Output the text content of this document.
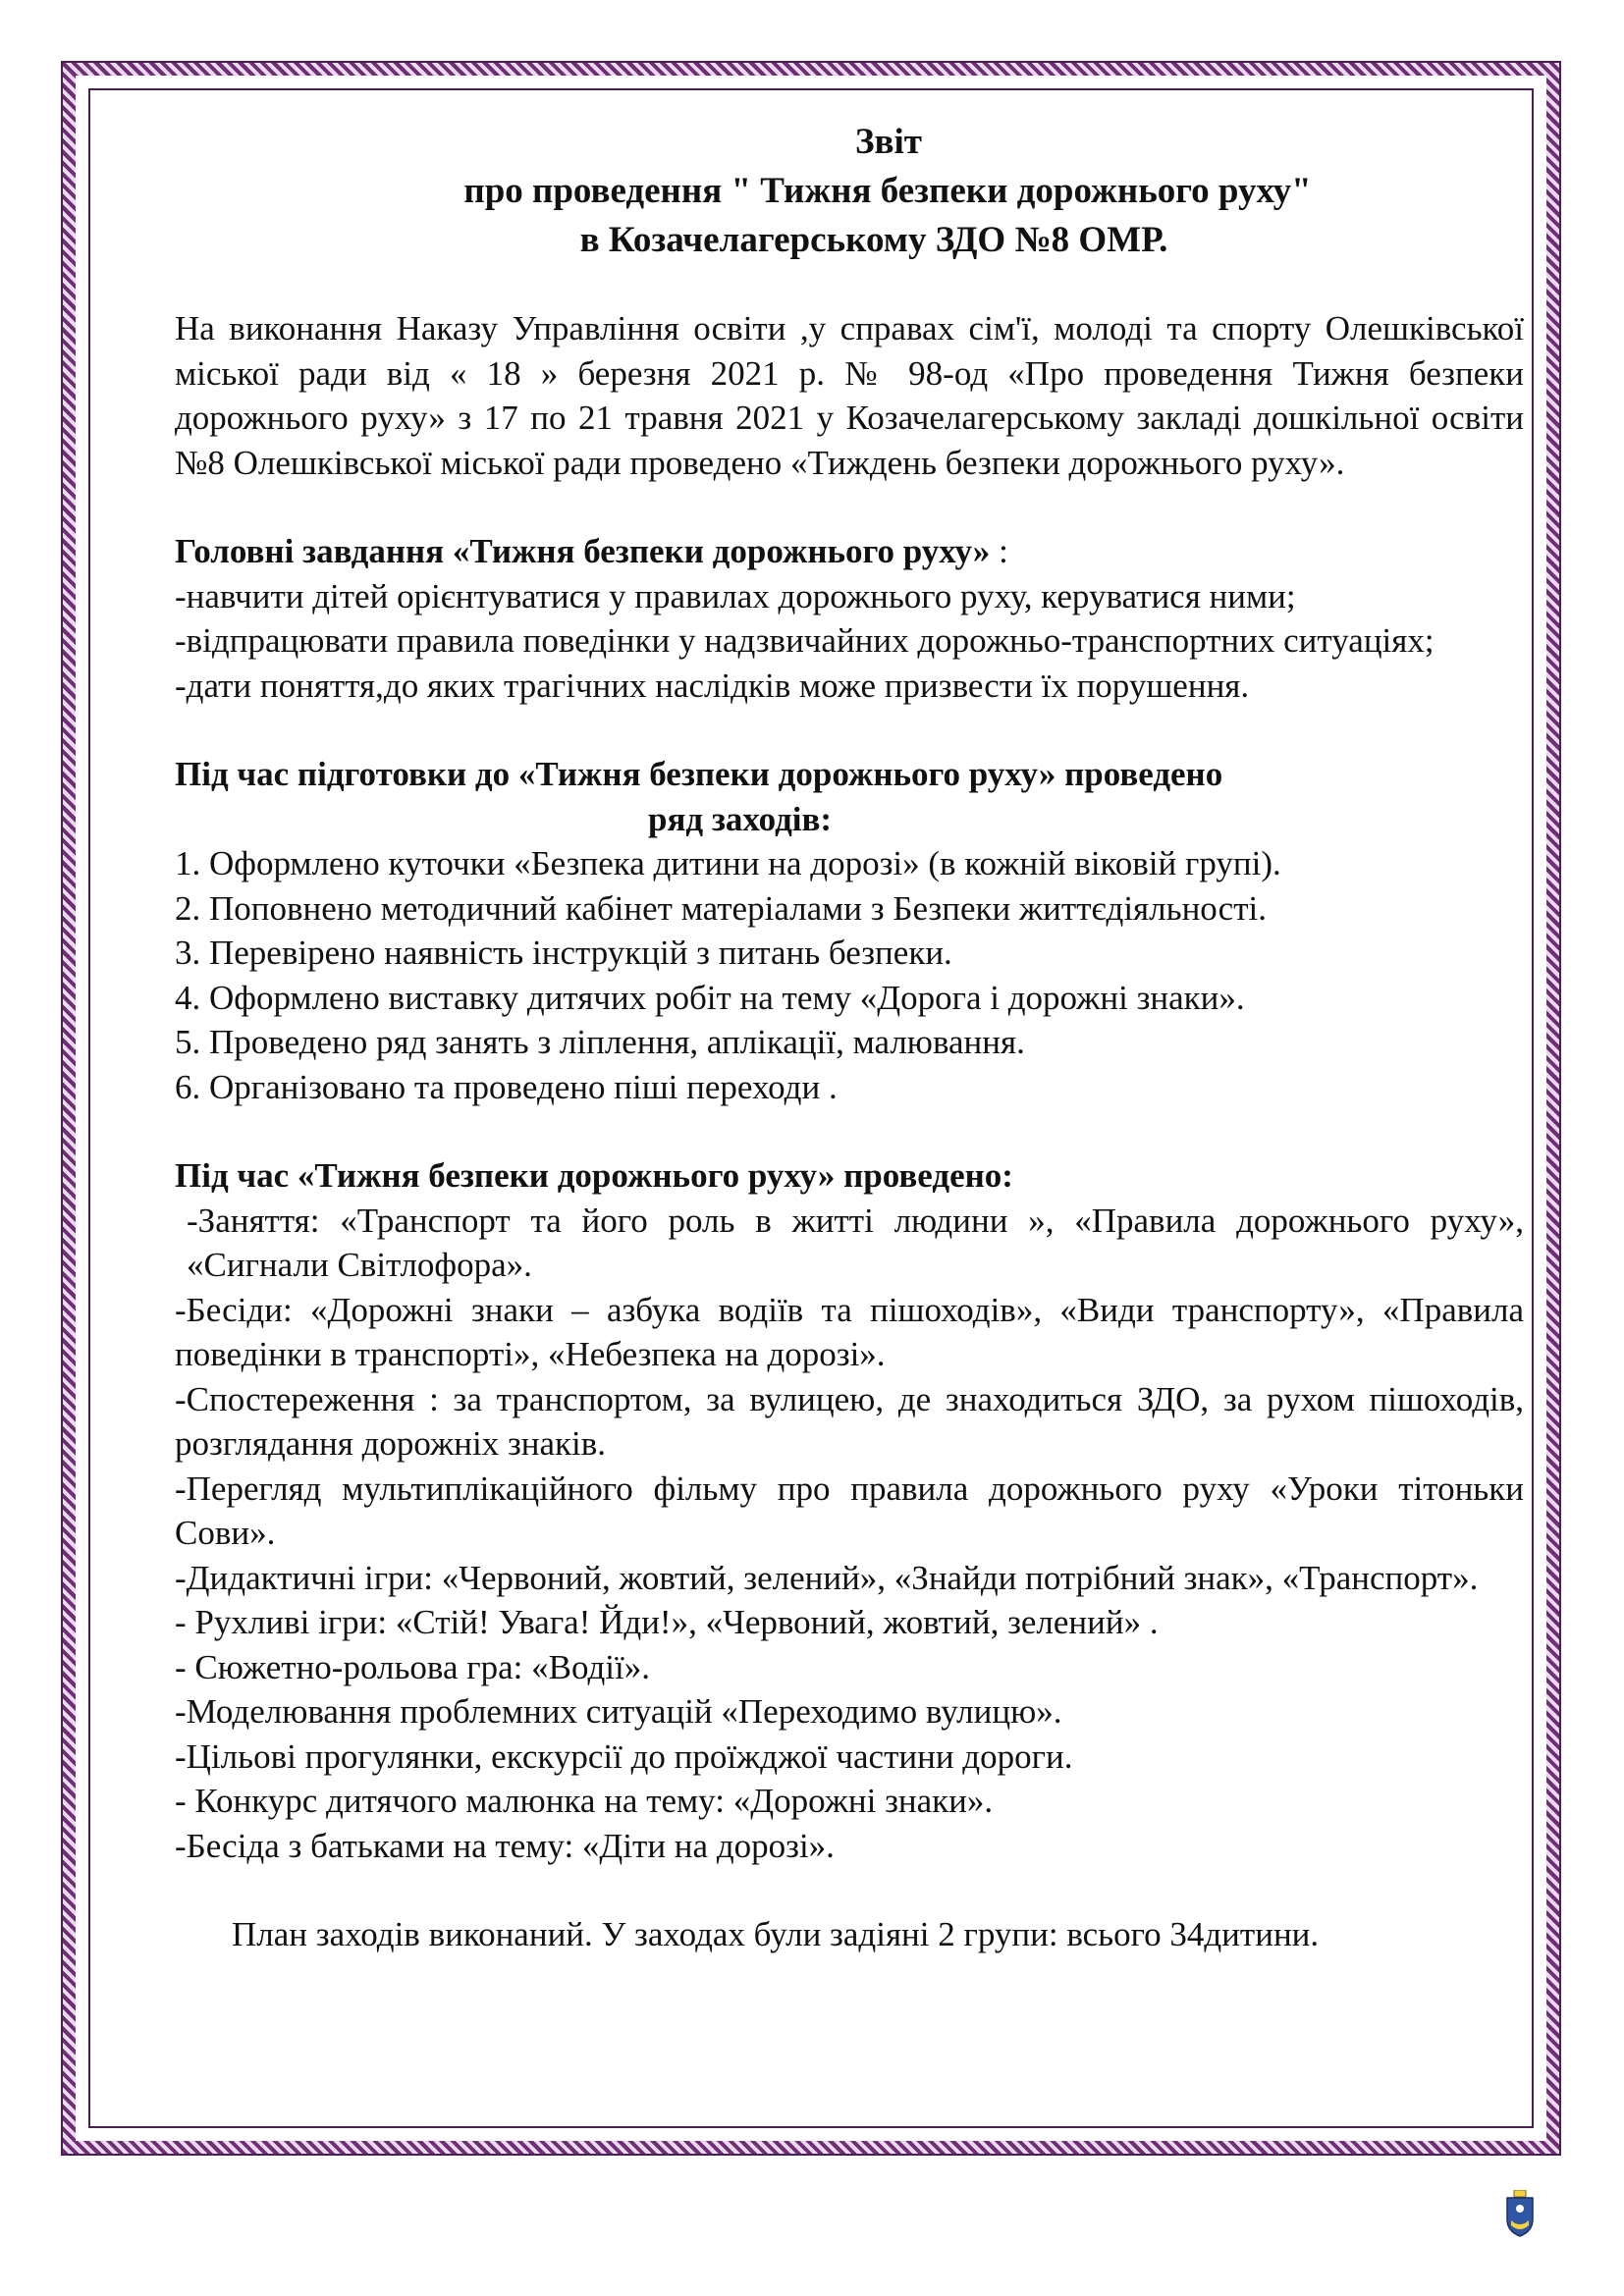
Звіт
про проведення " Тижня безпеки дорожнього руху"
в Козачелагерському ЗДО №8 ОМР.

На виконання Наказу Управління освіти ,у справах сім'ї, молоді та спорту Олешківської міської ради від « 18 » березня 2021 р. № 98-од «Про проведення Тижня безпеки дорожнього руху» з 17 по 21 травня 2021 у Козачелагерському закладі дошкільної освіти №8 Олешківської міської ради проведено «Тиждень безпеки дорожнього руху».

Головні завдання «Тижня безпеки дорожнього руху» :

-навчити дітей орієнтуватися у правилах дорожнього руху, керуватися ними;

-відпрацювати правила поведінки у надзвичайних дорожньо-транспортних ситуаціях;

-дати поняття,до яких трагічних наслідків може призвести їх порушення.

Під час підготовки до «Тижня безпеки дорожнього руху» проведено

ряд заходів:
1. Оформлено куточки «Безпека дитини на дорозі» (в кожній віковій групі).
2. Поповнено методичний кабінет матеріалами з Безпеки життєдіяльності.
3. Перевірено наявність інструкцій з питань безпеки.
4. Оформлено виставку дитячих робіт на тему «Дорога і дорожні знаки».
5. Проведено ряд занять з ліплення, аплікації, малювання.
6. Організовано та проведено піші переходи .

Під час «Тижня безпеки дорожнього руху» проведено:

-Заняття: «Транспорт та його роль в житті людини », «Правила дорожнього руху», «Сигнали Світлофора».

-Бесіди: «Дорожні знаки – азбука водіїв та пішоходів», «Види транспорту», «Правила поведінки в транспорті», «Небезпека на дорозі».

-Спостереження : за транспортом, за вулицею, де знаходиться ЗДО, за рухом пішоходів, розглядання дорожніх знаків.

-Перегляд мультиплікаційного фільму про правила дорожнього руху «Уроки тітоньки Сови».

-Дидактичні ігри: «Червоний, жовтий, зелений», «Знайди потрібний знак», «Транспорт».

- Рухливі ігри: «Стій! Увага! Йди!», «Червоний, жовтий, зелений» .

- Сюжетно-рольова гра: «Водії».

-Моделювання проблемних ситуацій «Переходимо вулицю».

-Цільові прогулянки, екскурсії до проїжджої частини дороги.

- Конкурс дитячого малюнка на тему: «Дорожні знаки».

-Бесіда з батьками на тему: «Діти на дорозі».

План заходів виконаний. У заходах були задіяні 2 групи: всього 34дитини.
